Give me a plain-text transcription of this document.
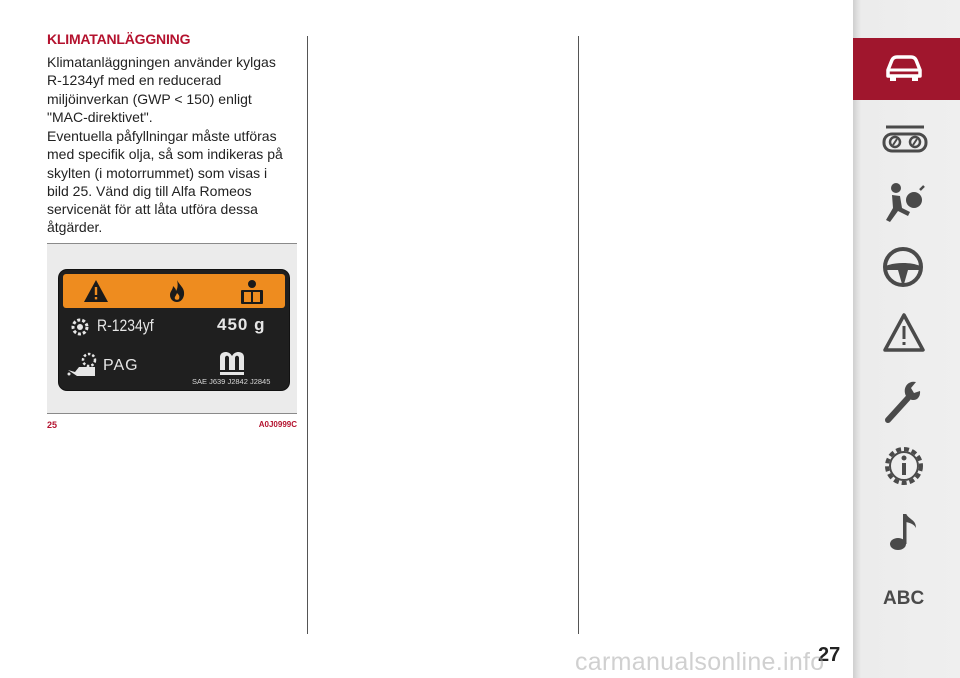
KLIMATANLÄGGNING
Klimatanläggningen använder kylgas
R-1234yf med en reducerad
miljöinverkan (GWP < 150) enligt
"MAC-direktivet".
Eventuella påfyllningar måste utföras
med specifik olja, så som indikeras på
skylten (i motorrummet) som visas i
bild 25. Vänd dig till Alfa Romeos
servicenät för att låta utföra dessa
åtgärder.
R-1234yf	450 g
PAG
SAE J639 J2842 J2845

25	A0J0999C

ABC

27

carmanualsonline.info
